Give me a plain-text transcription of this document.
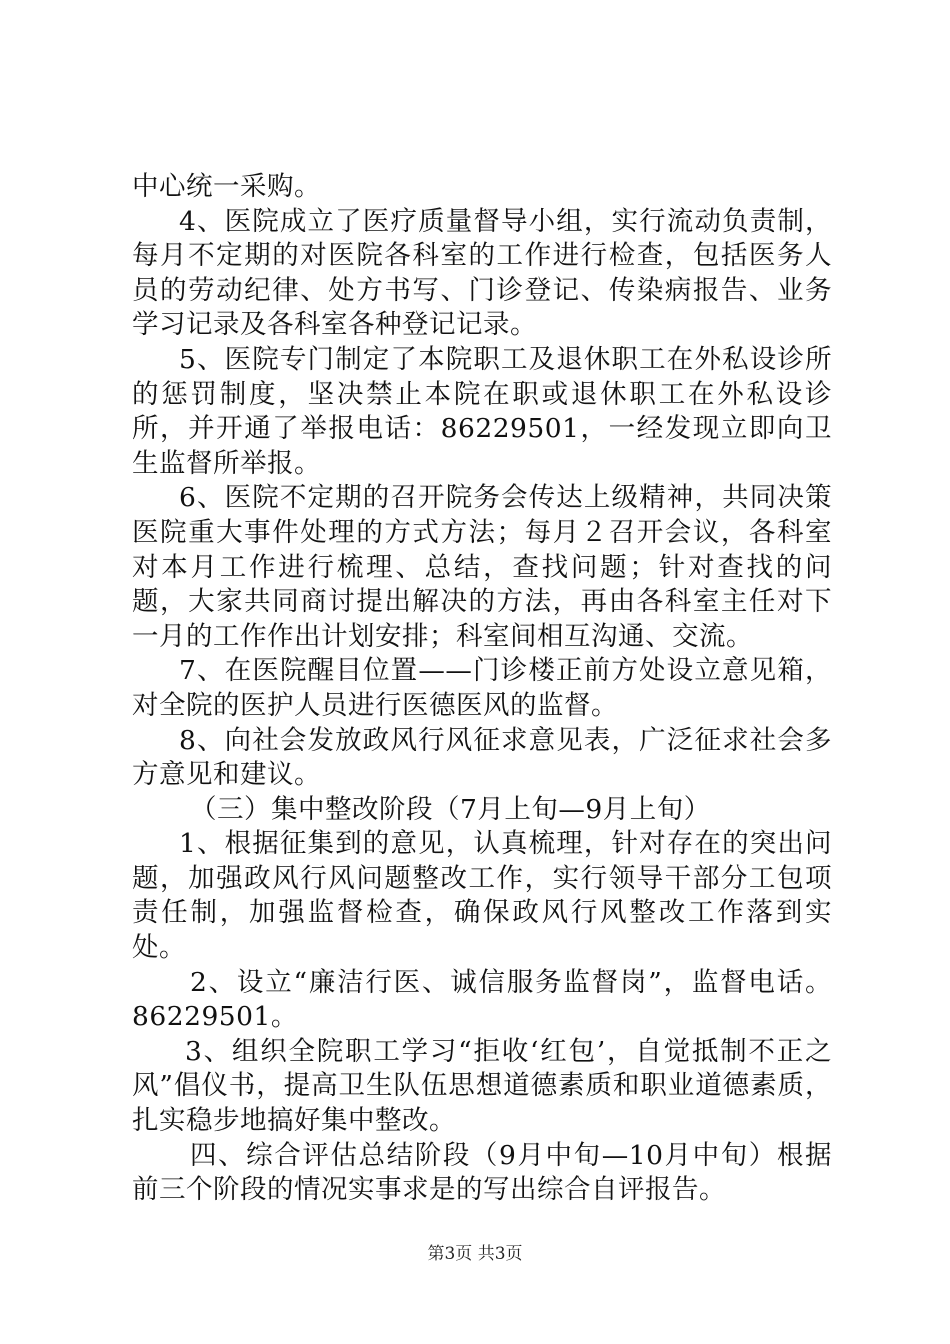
中心统一采购。

4、医院成立了医疗质量督导小组，实行流动负责制，每月不定期的对医院各科室的工作进行检查，包括医务人员的劳动纪律、处方书写、门诊登记、传染病报告、业务学习记录及各科室各种登记记录。

5、医院专门制定了本院职工及退休职工在外私设诊所的惩罚制度，坚决禁止本院在职或退休职工在外私设诊所，并开通了举报电话：86229501，一经发现立即向卫生监督所举报。

6、医院不定期的召开院务会传达上级精神，共同决策医院重大事件处理的方式方法；每月２召开会议，各科室对本月工作进行梳理、总结，查找问题；针对查找的问题，大家共同商讨提出解决的方法，再由各科室主任对下一月的工作作出计划安排；科室间相互沟通、交流。

7、在医院醒目位置——门诊楼正前方处设立意见箱，对全院的医护人员进行医德医风的监督。

8、向社会发放政风行风征求意见表，广泛征求社会多方意见和建议。

（三）集中整改阶段（7月上旬—9月上旬）

1、根据征集到的意见，认真梳理，针对存在的突出问题，加强政风行风问题整改工作，实行领导干部分工包项责任制，加强监督检查，确保政风行风整改工作落到实处。

2、设立“廉洁行医、诚信服务监督岗”，监督电话。86229501。

3、组织全院职工学习“拒收‘红包’，自觉抵制不正之风”倡仪书，提高卫生队伍思想道德素质和职业道德素质，扎实稳步地搞好集中整改。

四、综合评估总结阶段（9月中旬—10月中旬）根据前三个阶段的情况实事求是的写出综合自评报告。

第3页 共3页
